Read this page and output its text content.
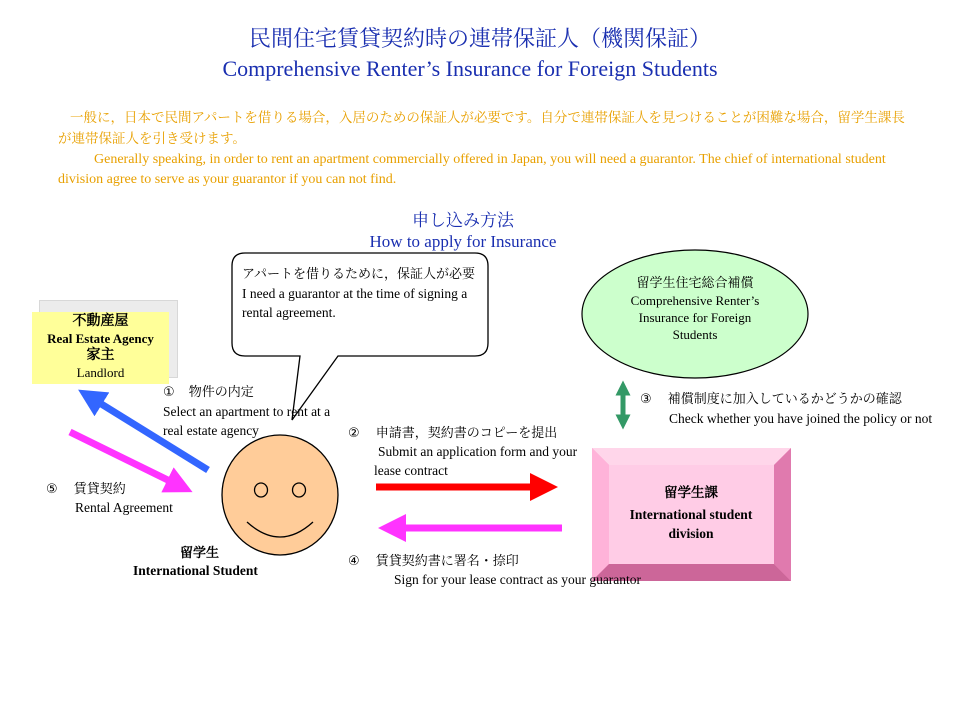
民間住宅賃貸契約時の連帯保証人（機関保証）
Comprehensive Renter’s Insurance for Foreign Students
一般に，日本で民間アパートを借りる場合，入居のための保証人が必要です。自分で連帯保証人を見つけることが困難な場合，留学生課長が連帯保証人を引き受けます。
Generally speaking, in order to rent an apartment commercially offered in Japan, you will need a guarantor. The chief of international student division agree to serve as your guarantor if you can not find.
申し込み方法
How to apply for Insurance
不動産屋
Real Estate Agency
家主
Landlord
アパートを借りるために，保証人が必要
I need a guarantor at the time of signing a rental agreement.
留学生住宅総合補償
Comprehensive Renter’s Insurance for Foreign Students
留学生課
International student division
留学生
International Student
① 物件の内定
Select an apartment to rent at a real estate agency	② 申請書，契約書のコピーを提出
Submit an application form and your lease contract
③ 補償制度に加入しているかどうかの確認
Check whether you have joined the policy or not
④ 賃貸契約書に署名・捺印
Sign for your lease contract as your guarantor
⑤ 賃貸契約
Rental Agreement
